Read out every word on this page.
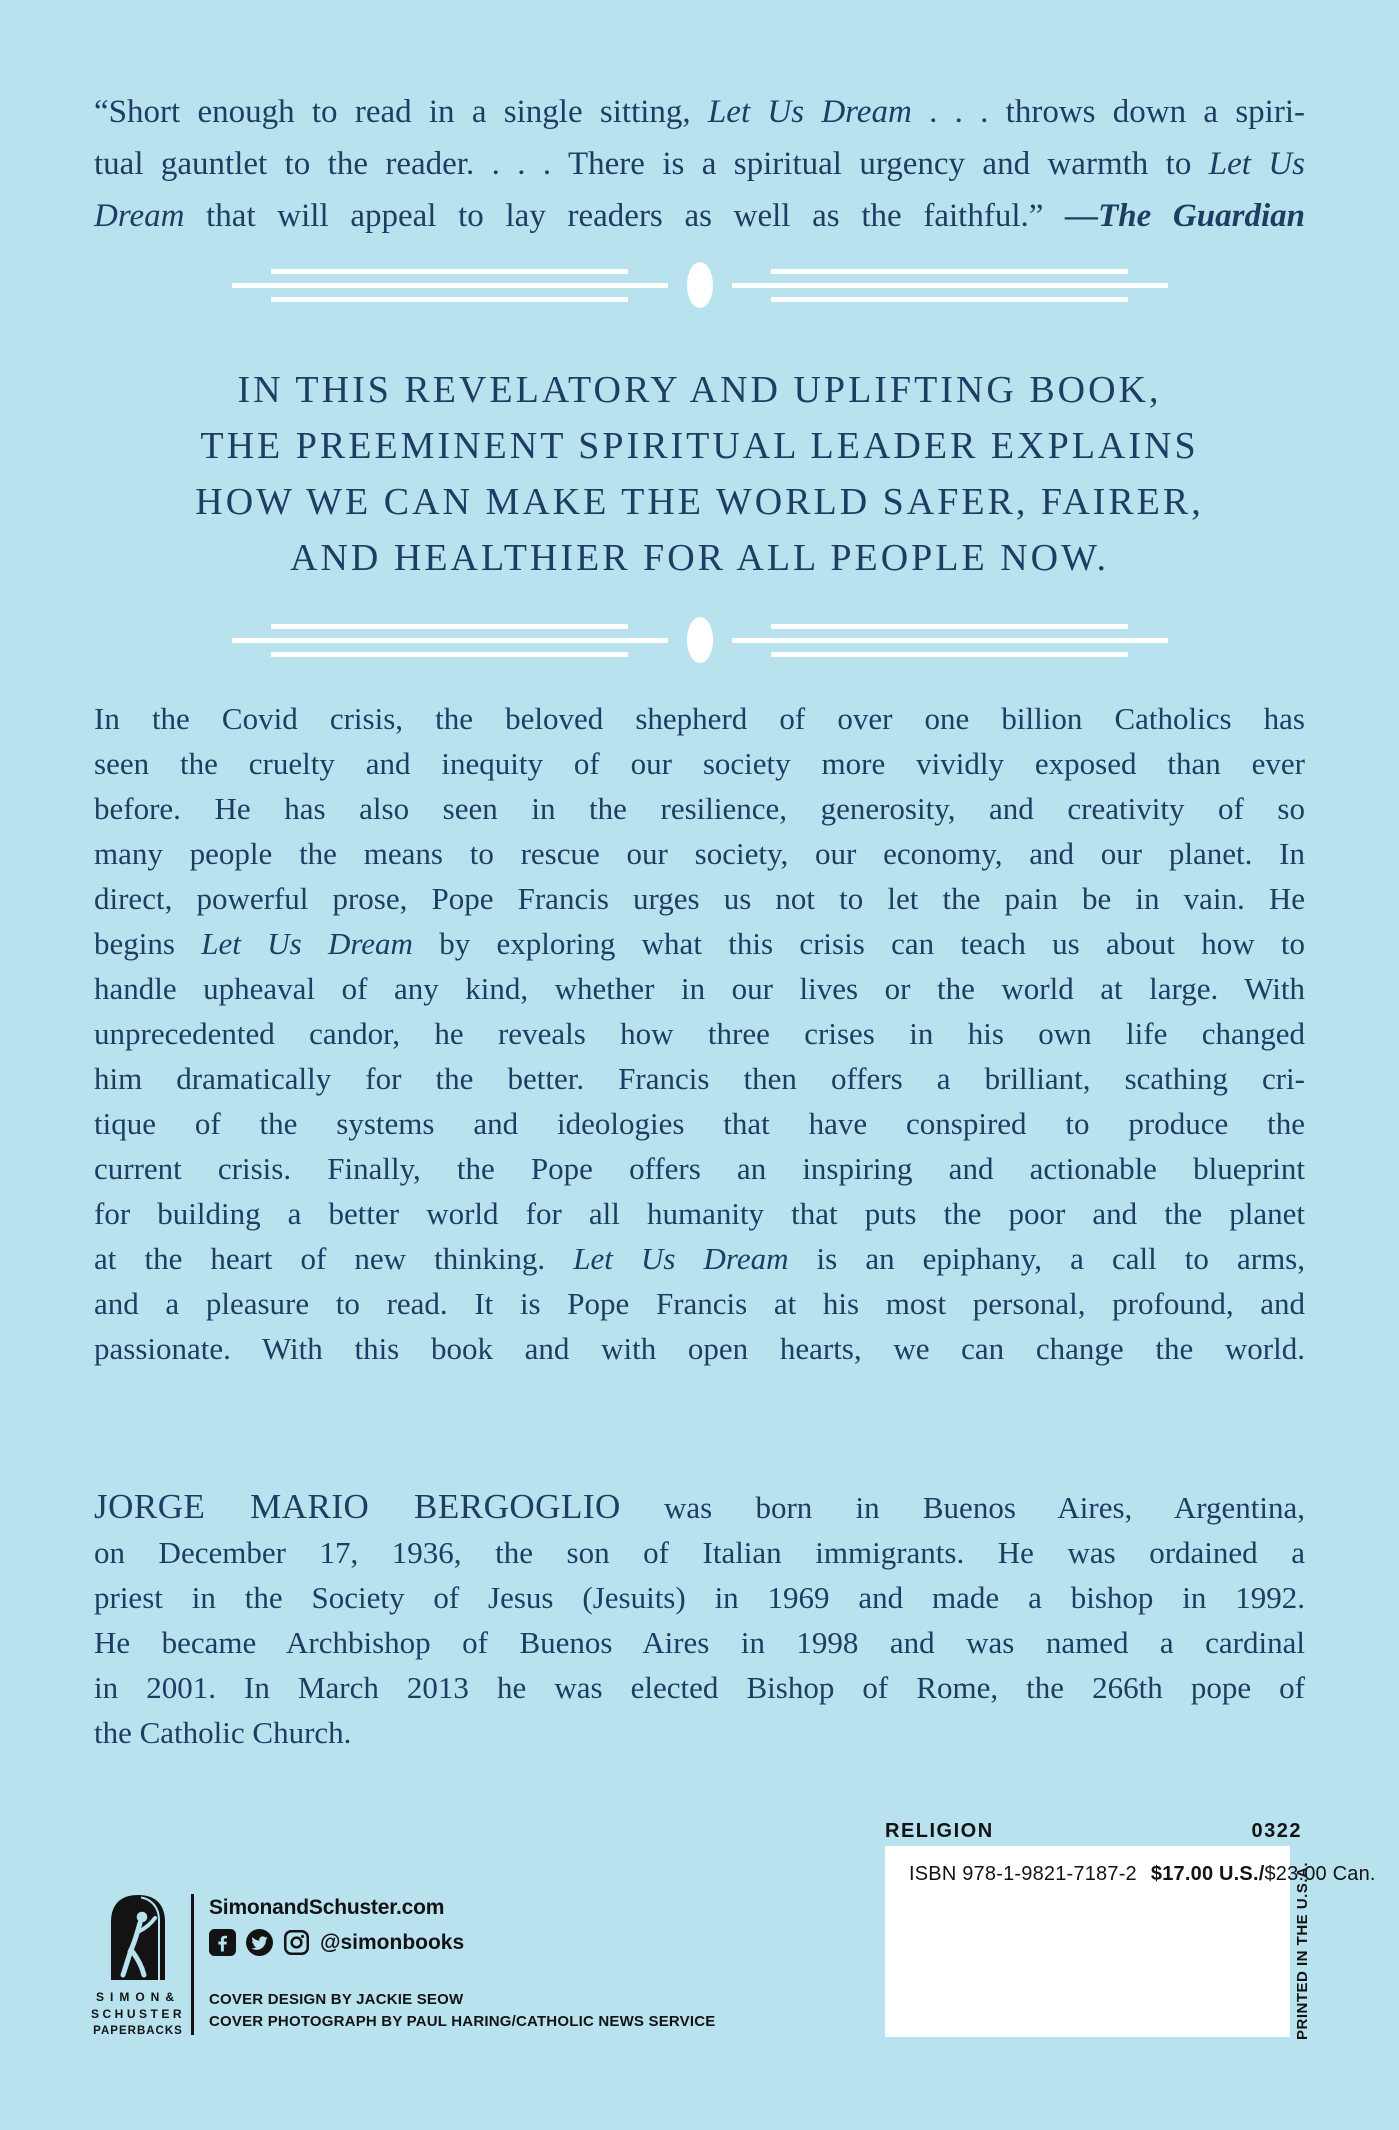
“Short enough to read in a single sitting, Let Us Dream . . . throws down a spiri-
tual gauntlet to the reader. . . . There is a spiritual urgency and warmth to Let Us
Dream that will appeal to lay readers as well as the faithful.” —The Guardian
IN THIS REVELATORY AND UPLIFTING BOOK,
THE PREEMINENT SPIRITUAL LEADER EXPLAINS
HOW WE CAN MAKE THE WORLD SAFER, FAIRER,
AND HEALTHIER FOR ALL PEOPLE NOW.
In the Covid crisis, the beloved shepherd of over one billion Catholics has
seen the cruelty and inequity of our society more vividly exposed than ever
before. He has also seen in the resilience, generosity, and creativity of so
many people the means to rescue our society, our economy, and our planet. In
direct, powerful prose, Pope Francis urges us not to let the pain be in vain. He
begins Let Us Dream by exploring what this crisis can teach us about how to
handle upheaval of any kind, whether in our lives or the world at large. With
unprecedented candor, he reveals how three crises in his own life changed
him dramatically for the better. Francis then offers a brilliant, scathing cri-
tique of the systems and ideologies that have conspired to produce the
current crisis. Finally, the Pope offers an inspiring and actionable blueprint
for building a better world for all humanity that puts the poor and the planet
at the heart of new thinking. Let Us Dream is an epiphany, a call to arms,
and a pleasure to read. It is Pope Francis at his most personal, profound, and
passionate. With this book and with open hearts, we can change the world.
JORGE MARIO BERGOGLIO was born in Buenos Aires, Argentina,
on December 17, 1936, the son of Italian immigrants. He was ordained a
priest in the Society of Jesus (Jesuits) in 1969 and made a bishop in 1992.
He became Archbishop of Buenos Aires in 1998 and was named a cardinal
in 2001. In March 2013 he was elected Bishop of Rome, the 266th pope of
the Catholic Church.
SIMON&
SCHUSTER
PAPERBACKS
SimonandSchuster.com
@simonbooks
COVER DESIGN BY JACKIE SEOW
COVER PHOTOGRAPH BY PAUL HARING/CATHOLIC NEWS SERVICE
RELIGION	0322
ISBN 978-1-9821-7187-2 $17.00 U.S./$23.00 Can.
PRINTED IN THE U.S.A.
